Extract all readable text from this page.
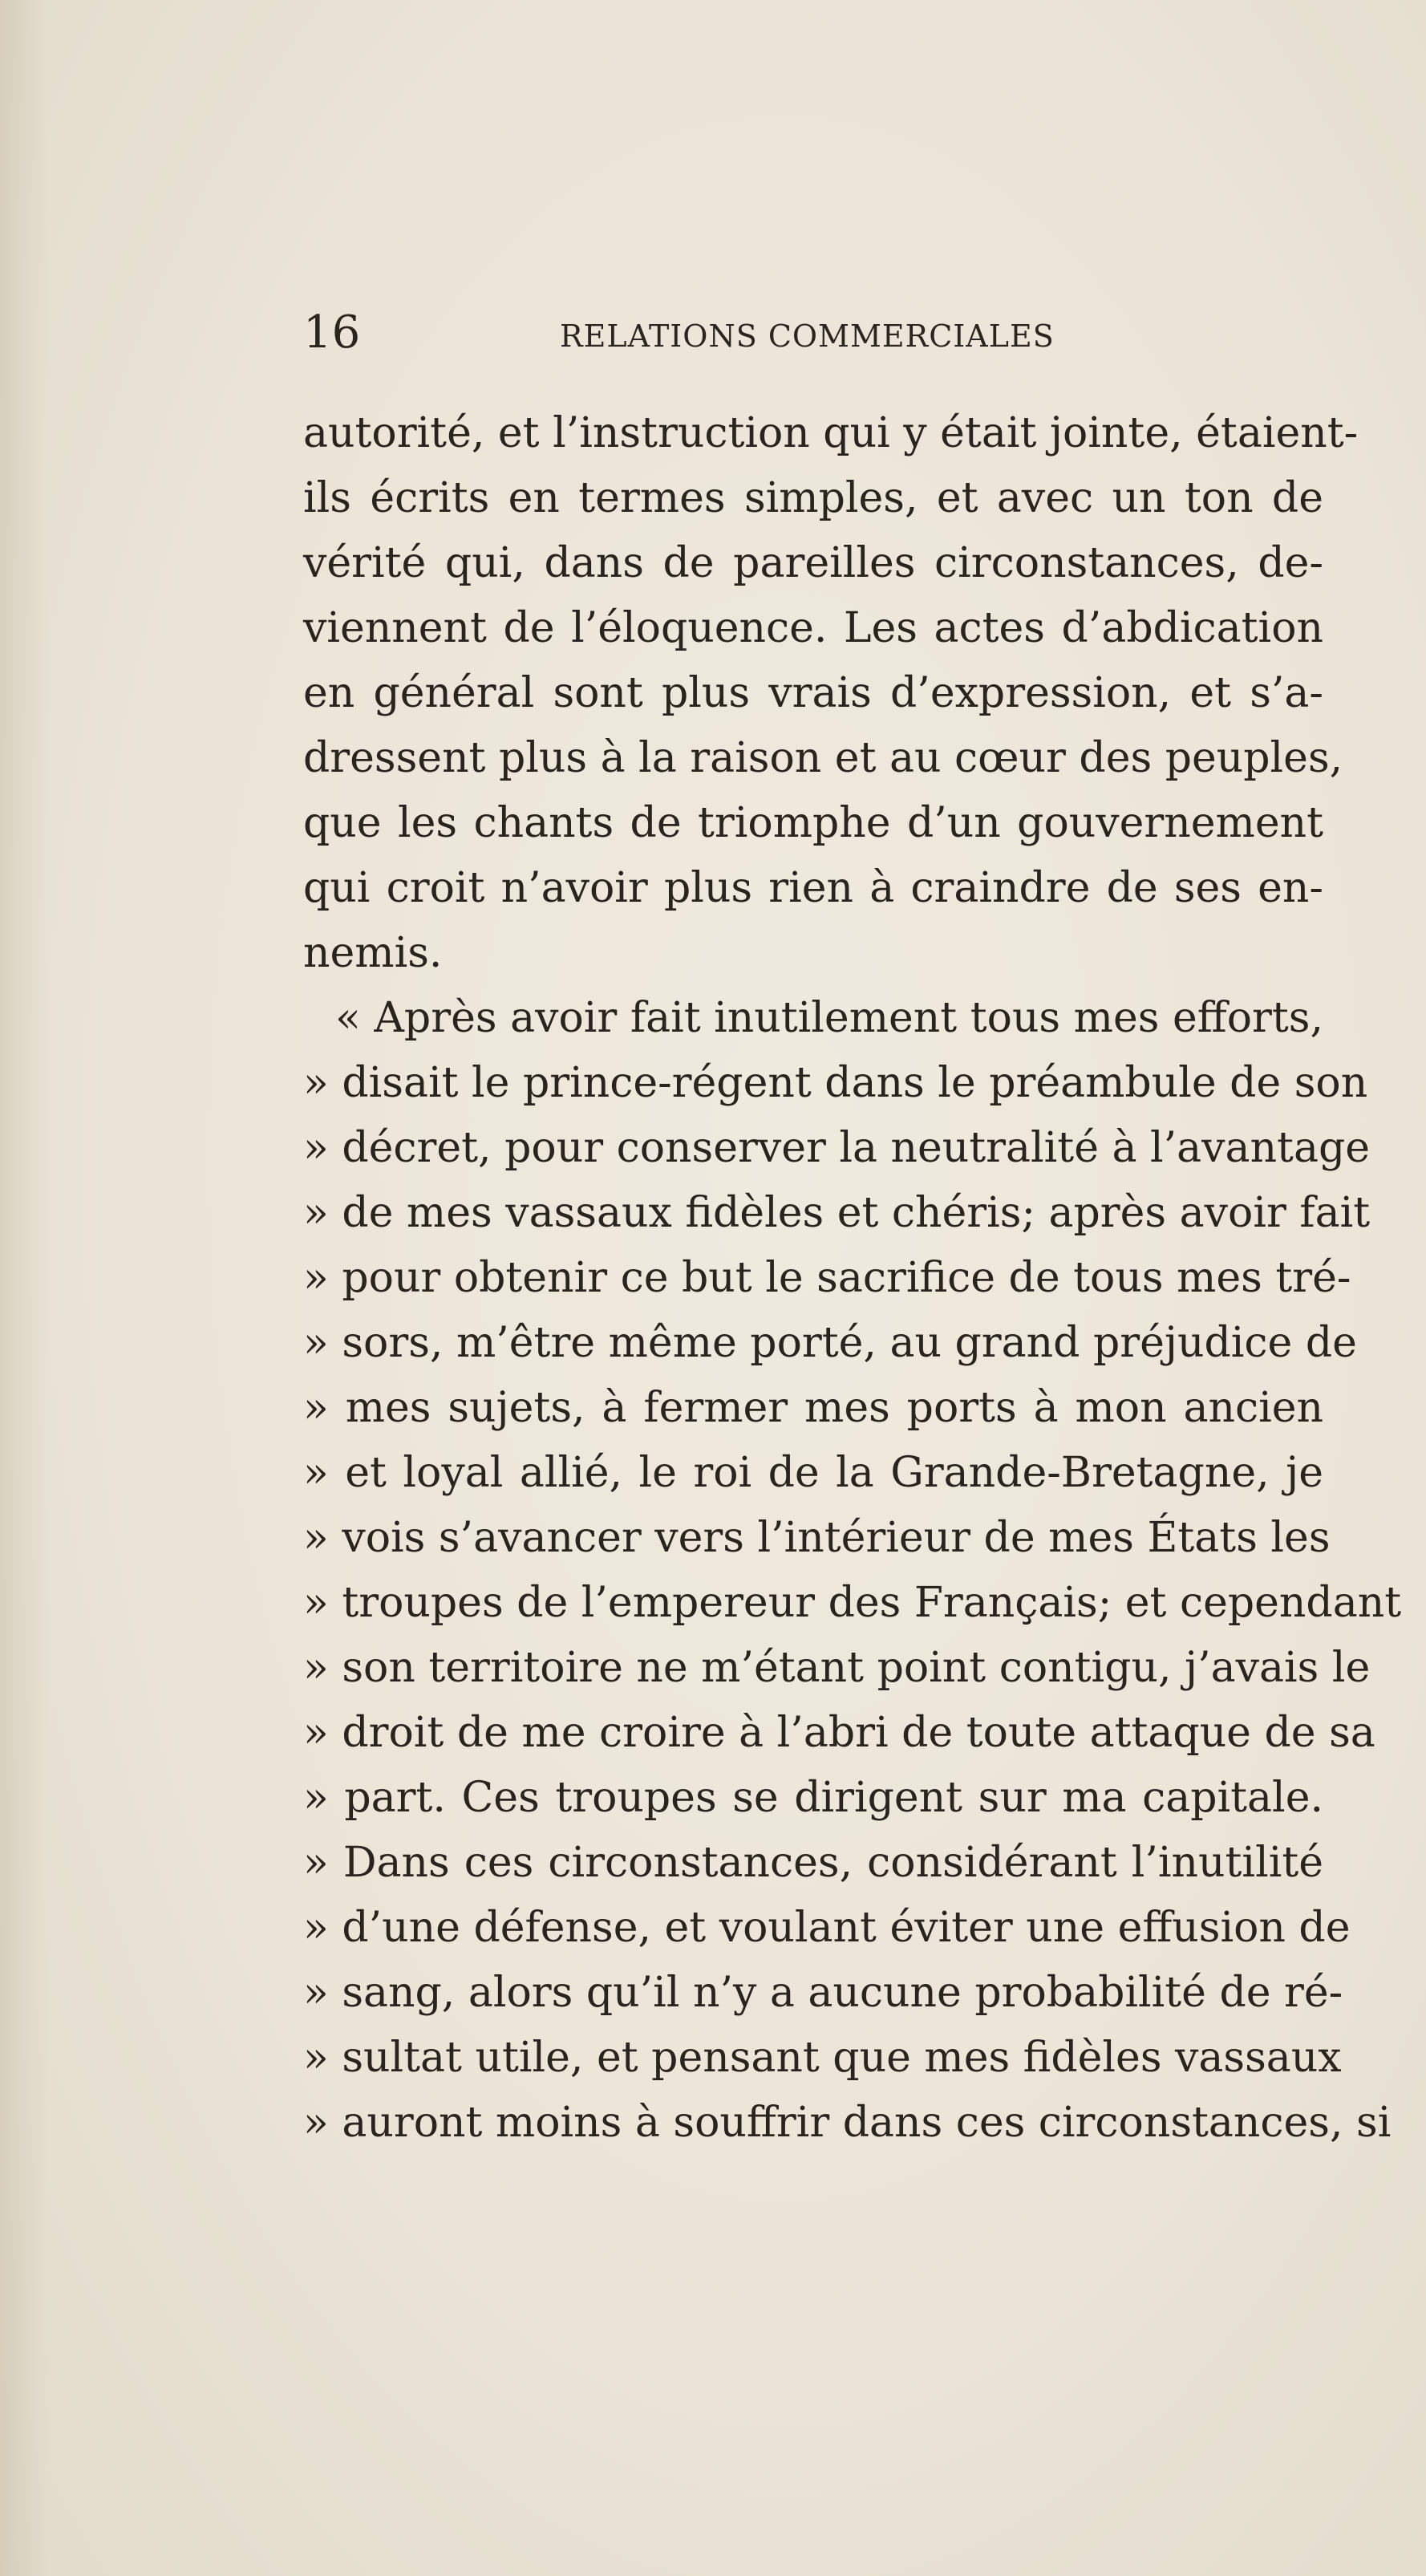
16	RELATIONS COMMERCIALES
autorité, et l’instruction qui y était jointe, étaient-
ils écrits en termes simples, et avec un ton de
vérité qui, dans de pareilles circonstances, de-
viennent de l’éloquence. Les actes d’abdication
en général sont plus vrais d’expression, et s’a-
dressent plus à la raison et au cœur des peuples,
que les chants de triomphe d’un gouvernement
qui croit n’avoir plus rien à craindre de ses en-
nemis.
« Après avoir fait inutilement tous mes efforts,
» disait le prince-régent dans le préambule de son
» décret, pour conserver la neutralité à l’avantage
» de mes vassaux fidèles et chéris; après avoir fait
» pour obtenir ce but le sacrifice de tous mes tré-
» sors, m’être même porté, au grand préjudice de
» mes sujets, à fermer mes ports à mon ancien
» et loyal allié, le roi de la Grande-Bretagne, je
» vois s’avancer vers l’intérieur de mes États les
» troupes de l’empereur des Français; et cependant
» son territoire ne m’étant point contigu, j’avais le
» droit de me croire à l’abri de toute attaque de sa
» part. Ces troupes se dirigent sur ma capitale.
» Dans ces circonstances, considérant l’inutilité
» d’une défense, et voulant éviter une effusion de
» sang, alors qu’il n’y a aucune probabilité de ré-
» sultat utile, et pensant que mes fidèles vassaux
» auront moins à souffrir dans ces circonstances, si
